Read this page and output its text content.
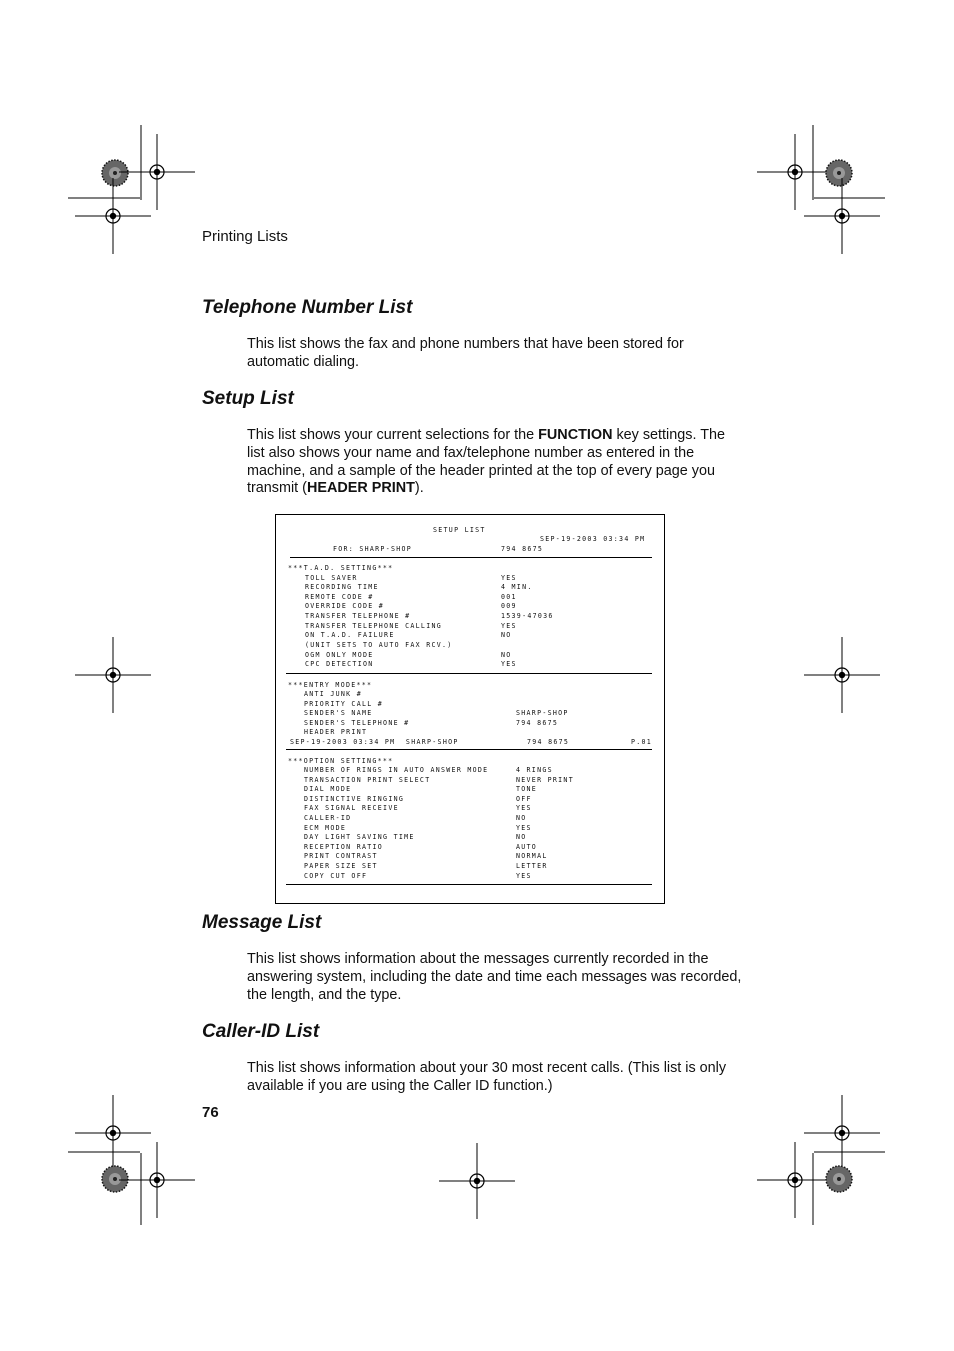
Printing Lists
Telephone Number List
This list shows the fax and phone numbers that have been stored for
automatic dialing.
Setup List
This list shows your current selections for the FUNCTION key settings. The
list also shows your name and fax/telephone number as entered in the
machine, and a sample of the header printed at the top of every page you
transmit (HEADER PRINT).
SETUP LIST
SEP-19-2003 03:34 PM
FOR: SHARP-SHOP	794 8675
***T.A.D. SETTING***
TOLL SAVER	YES
RECORDING TIME	4 MIN.
REMOTE CODE #	001
OVERRIDE CODE #	009
TRANSFER TELEPHONE #	1539-47036
TRANSFER TELEPHONE CALLING	YES
ON T.A.D. FAILURE	NO
(UNIT SETS TO AUTO FAX RCV.)
OGM ONLY MODE	NO
CPC DETECTION	YES
***ENTRY MODE***
ANTI JUNK #
PRIORITY CALL #
SENDER'S NAME	SHARP-SHOP
SENDER'S TELEPHONE #	794 8675
HEADER PRINT
SEP-19-2003 03:34 PM  SHARP-SHOP	794 8675	P.01
***OPTION SETTING***
NUMBER OF RINGS IN AUTO ANSWER MODE	4 RINGS
TRANSACTION PRINT SELECT	NEVER PRINT
DIAL MODE	TONE
DISTINCTIVE RINGING	OFF
FAX SIGNAL RECEIVE	YES
CALLER-ID	NO
ECM MODE	YES
DAY LIGHT SAVING TIME	NO
RECEPTION RATIO	AUTO
PRINT CONTRAST	NORMAL
PAPER SIZE SET	LETTER
COPY CUT OFF	YES
Message List
This list shows information about the messages currently recorded in the
answering system, including the date and time each messages was recorded,
the length, and the type.
Caller-ID List
This list shows information about your 30 most recent calls. (This list is only
available if you are using the Caller ID function.)
76
